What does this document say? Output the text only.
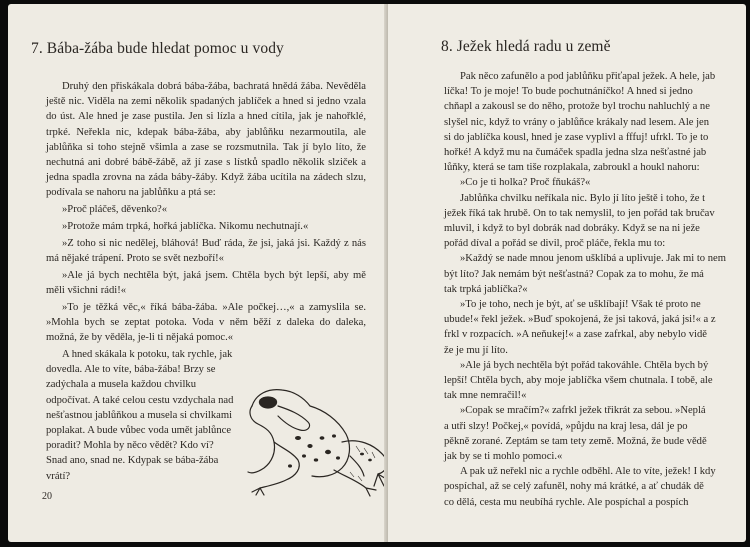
7. Bába-žába bude hledat pomoc u vody

Druhý den přiskákala dobrá bába-žába, bachratá hnědá žába. Nevěděla ještě nic. Viděla na zemi několik spadaných jablíček a hned si jedno vzala do úst. Ale hned je zase pustila. Jen si lízla a hned cítila, jak je nahořklé, trpké. Neřekla nic, kdepak bába-žába, aby jablůňku nezarmoutila, ale jablůňka si toho stejně všimla a zase se rozsmutnila. Tak jí bylo líto, že nechutná ani dobré bábě-žábě, až jí zase s lístků spadlo několik slziček a jedna spadla zrovna na záda báby-žáby. Když žába ucítila na zádech slzu, podívala se nahoru na jablůňku a ptá se:

»Proč pláčeš, děvenko?«

»Protože mám trpká, hořká jablíčka. Nikomu nechutnají.«

»Z toho si nic nedělej, bláhová! Buď ráda, že jsi, jaká jsi. Každý z nás má nějaké trápení. Proto se svět nezboří!«

»Ale já bych nechtěla být, jaká jsem. Chtěla bych být lepší, aby mě měli všichni rádi!«

»To je těžká věc,« říká bába-žába. »Ale počkej…,« a zamyslila se. »Mohla bych se zeptat potoka. Voda v něm běží z daleka do daleka, možná, že by věděla, je-li ti nějaká pomoc.«

A hned skákala k potoku, tak rychle, jak dovedla. Ale to víte, bába-žába! Brzy se zadýchala a musela každou chvilku odpočívat. A také celou cestu vzdychala nad nešťastnou jablůňkou a musela si chvilkami poplakat. A bude vůbec voda umět jablůnce poradit? Mohla by něco vědět? Kdo ví? Snad ano, snad ne. Kdypak se bába-žába vrátí?

20
8. Ježek hledá radu u země
Pak něco zafunělo a pod jablůňku přiťapal ježek. A hele, jab
líčka! To je moje! To bude pochutnáníčko! A hned si jedno
chňapl a zakousl se do něho, protože byl trochu nahluchlý a ne
slyšel nic, když to vrány o jablůňce krákaly nad lesem. Ale jen
si do jablíčka kousl, hned je zase vyplivl a fffuj! ufrkl. To je to
hořké! A když mu na čumáček spadla jedna slza nešťastné jab
lůňky, která se tam tiše rozplakala, zabroukl a houkl nahoru:
»Co je ti holka? Proč fňukáš?«
Jablůňka chvilku neříkala nic. Bylo jí líto ještě i toho, že t
ježek říká tak hrubě. On to tak nemyslil, to jen pořád tak bručav
mluvil, i když to byl dobrák nad dobráky. Když se na ni ježe
pořád díval a pořád se divil, proč pláče, řekla mu to:
»Každý se nade mnou jenom ušklíbá a uplivuje. Jak mi to nem
být líto? Jak nemám být nešťastná? Copak za to mohu, že má
tak trpká jablíčka?«
»To je toho, nech je být, ať se ušklíbají! Však té proto ne
ubude!« řekl ježek. »Buď spokojená, že jsi taková, jaká jsi!« a z
frkl v rozpacích. »A neňukej!« a zase zafrkal, aby nebylo vidě
že je mu jí líto.
»Ale já bych nechtěla být pořád takováhle. Chtěla bych bý
lepší! Chtěla bych, aby moje jablíčka všem chutnala. I tobě, ale
tak mne nemračil!«
»Copak se mračím?« zafrkl ježek třikrát za sebou. »Neplá
a utři slzy! Počkej,« povídá, »půjdu na kraj lesa, dál je po
pěkně zorané. Zeptám se tam tety země. Možná, že bude vědě
jak by se ti mohlo pomoci.«
A pak už neřekl nic a rychle odběhl. Ale to víte, ježek! I kdy
pospíchal, až se celý zafuněl, nohy má krátké, a ať chudák dě
co dělá, cesta mu neubíhá rychle. Ale pospíchal a pospích
